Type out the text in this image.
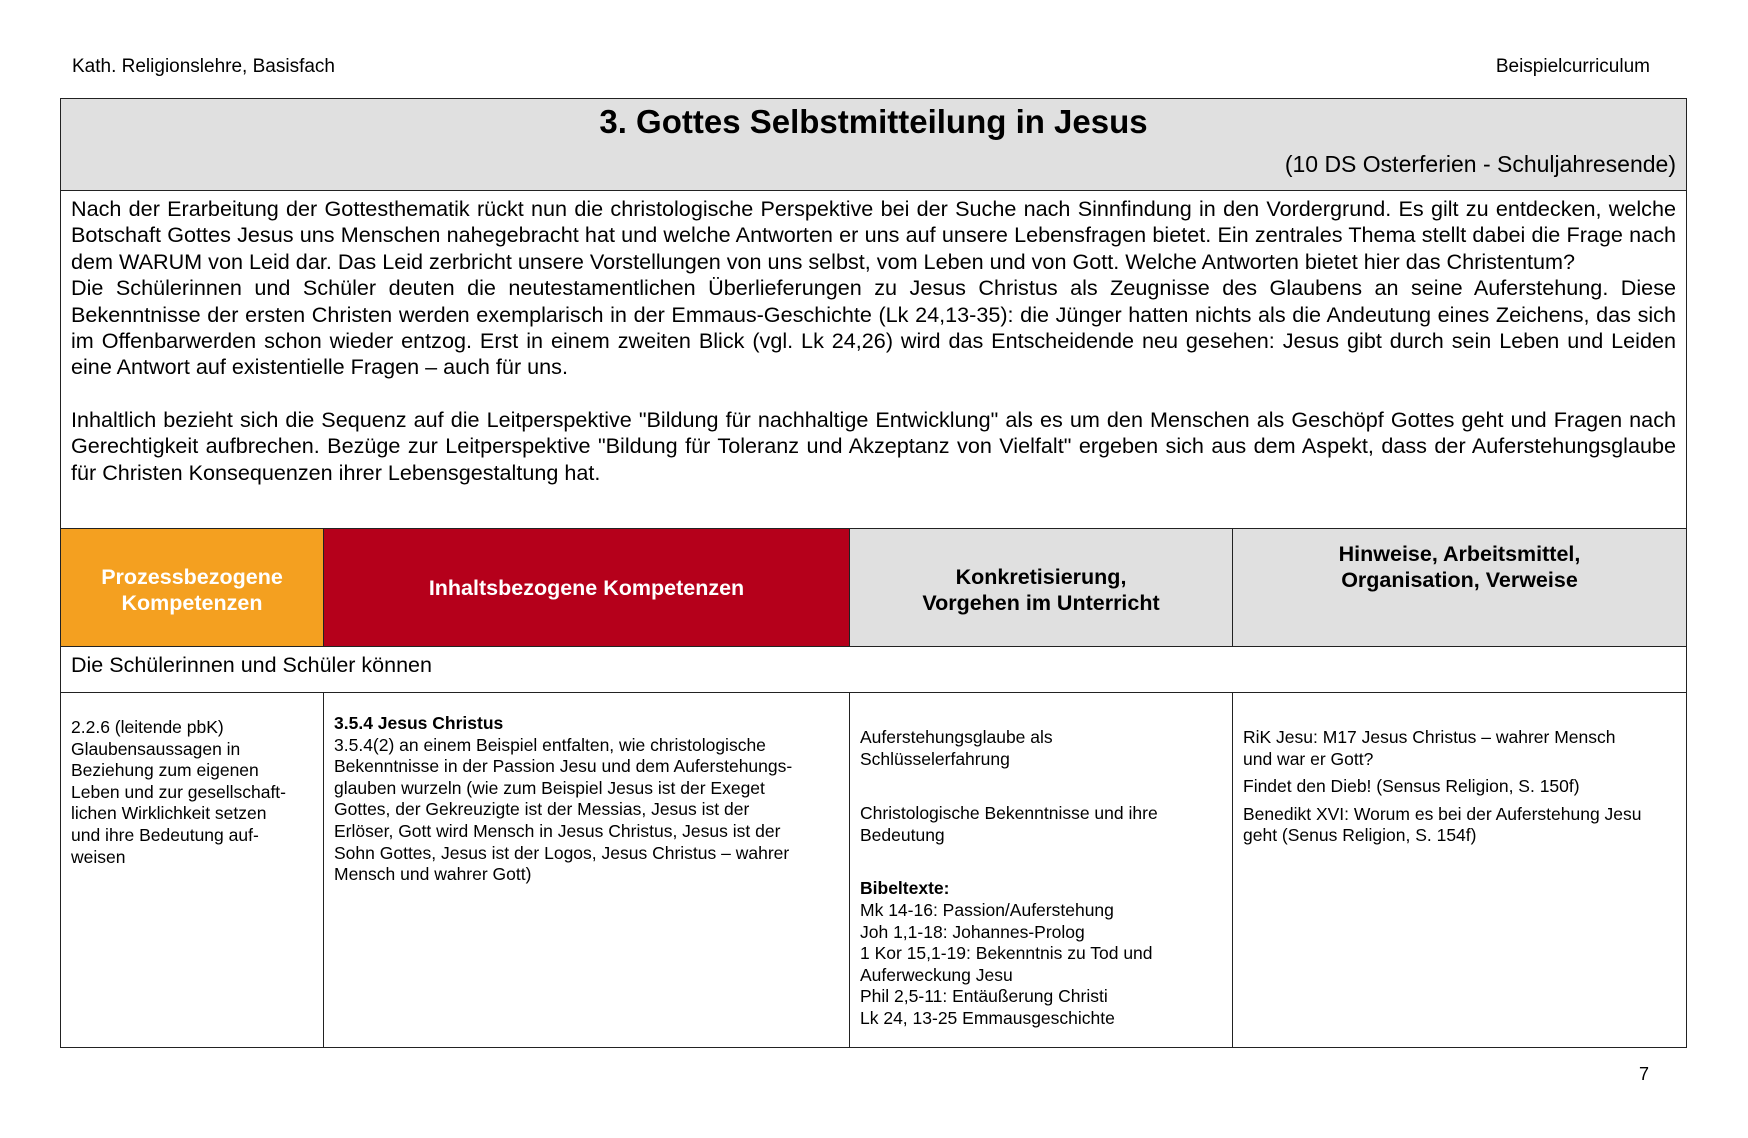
Kath. Religionslehre, Basisfach	Beispielcurriculum
3. Gottes Selbstmitteilung in Jesus
(10 DS Osterferien - Schuljahresende)

Nach der Erarbeitung der Gottesthematik rückt nun die christologische Perspektive bei der Suche nach Sinnfindung in den Vordergrund. Es gilt zu entdecken, welche Botschaft Gottes Jesus uns Menschen nahegebracht hat und welche Antworten er uns auf unsere Lebensfragen bietet. Ein zentrales Thema stellt dabei die Frage nach dem WARUM von Leid dar. Das Leid zerbricht unsere Vorstellungen von uns selbst, vom Leben und von Gott. Welche Antworten bietet hier das Christentum?

Die Schülerinnen und Schüler deuten die neutestamentlichen Überlieferungen zu Jesus Christus als Zeugnisse des Glaubens an seine Auferstehung. Diese Bekenntnisse der ersten Christen werden exemplarisch in der Emmaus-Geschichte (Lk 24,13-35): die Jünger hatten nichts als die Andeutung eines Zeichens, das sich im Offenbarwerden schon wieder entzog. Erst in einem zweiten Blick (vgl. Lk 24,26) wird das Entscheidende neu gesehen: Jesus gibt durch sein Leben und Leiden eine Antwort auf existentielle Fragen – auch für uns.

Inhaltlich bezieht sich die Sequenz auf die Leitperspektive "Bildung für nachhaltige Entwicklung" als es um den Menschen als Geschöpf Gottes geht und Fragen nach Gerechtigkeit aufbrechen. Bezüge zur Leitperspektive "Bildung für Toleranz und Akzeptanz von Vielfalt" ergeben sich aus dem Aspekt, dass der Auferstehungsglaube für Christen Konsequenzen ihrer Lebensgestaltung hat.

Prozessbezogene
Kompetenzen
Inhaltsbezogene Kompetenzen	Konkretisierung,
Vorgehen im Unterricht
Hinweise, Arbeitsmittel,
Organisation, Verweise
Die Schülerinnen und Schüler können
2.2.6 (leitende pbK)
Glaubensaussagen in
Beziehung zum eigenen
Leben und zur gesellschaft-
lichen Wirklichkeit setzen
und ihre Bedeutung auf-
weisen
3.5.4 Jesus Christus
3.5.4(2) an einem Beispiel entfalten, wie christologische
Bekenntnisse in der Passion Jesu und dem Auferstehungs-
glauben wurzeln (wie zum Beispiel Jesus ist der Exeget
Gottes, der Gekreuzigte ist der Messias, Jesus ist der
Erlöser, Gott wird Mensch in Jesus Christus, Jesus ist der
Sohn Gottes, Jesus ist der Logos, Jesus Christus – wahrer
Mensch und wahrer Gott)
Auferstehungsglaube als
Schlüsselerfahrung
Christologische Bekenntnisse und ihre
Bedeutung
Bibeltexte:
Mk 14-16: Passion/Auferstehung
Joh 1,1-18: Johannes-Prolog
1 Kor 15,1-19: Bekenntnis zu Tod und
Auferweckung Jesu
Phil 2,5-11: Entäußerung Christi
Lk 24, 13-25 Emmausgeschichte
RiK Jesu: M17 Jesus Christus – wahrer Mensch
und war er Gott?
Findet den Dieb! (Sensus Religion, S. 150f)
Benedikt XVI: Worum es bei der Auferstehung Jesu
geht (Senus Religion, S. 154f)
7
